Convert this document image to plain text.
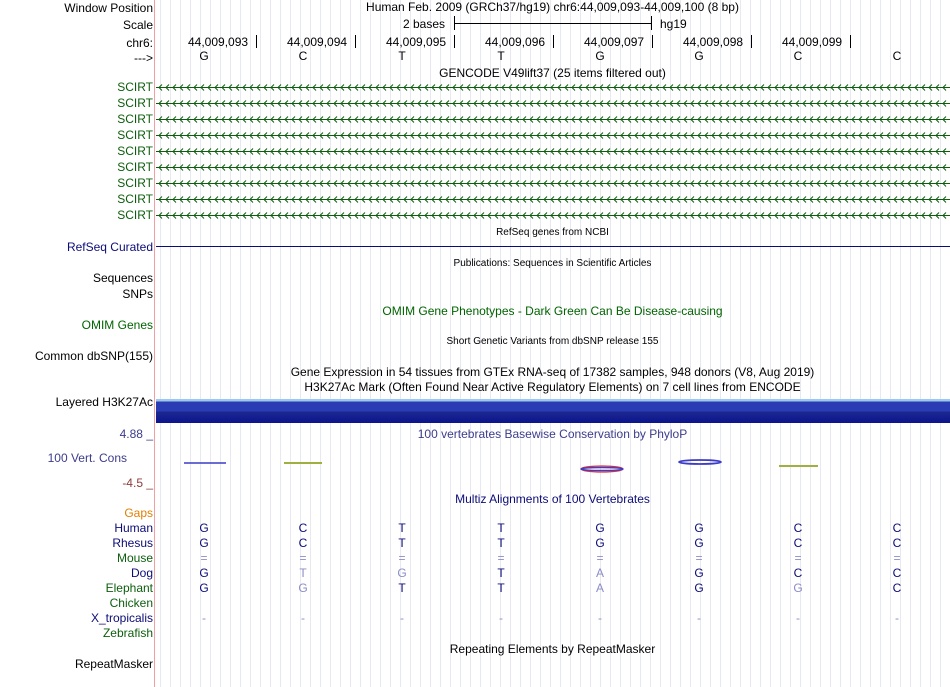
Window Position	Human Feb. 2009 (GRCh37/hg19) chr6:44,009,093-44,009,100 (8 bp)
Scale	2 bases	hg19
chr6:	44,009,093	44,009,094	44,009,095	44,009,096	44,009,097	44,009,098	44,009,099
--->	G	C	T	T	G	G	C	C
GENCODE V49lift37 (25 items filtered out)
SCIRT
SCIRT
SCIRT
SCIRT
SCIRT
SCIRT
SCIRT
SCIRT
SCIRT
RefSeq genes from NCBI
RefSeq Curated
Publications: Sequences in Scientific Articles
Sequences
SNPs
OMIM Gene Phenotypes - Dark Green Can Be Disease-causing
OMIM Genes
Short Genetic Variants from dbSNP release 155
Common dbSNP(155)
Gene Expression in 54 tissues from GTEx RNA-seq of 17382 samples, 948 donors (V8, Aug 2019)
H3K27Ac Mark (Often Found Near Active Regulatory Elements) on 7 cell lines from ENCODE
Layered H3K27Ac
100 vertebrates Basewise Conservation by PhyloP
4.88 _
100 Vert. Cons
-4.5 _
Multiz Alignments of 100 Vertebrates
Gaps
Human	G	C	T	T	G	G	C	C
Rhesus	G	C	T	T	G	G	C	C
Mouse	=	=	=	=	=	=	=	=
Dog	G	T	G	T	A	G	C	C
Elephant	G	G	T	T	A	G	G	C
Chicken
X_tropicalis	-	-	-	-	-	-	-	-
Zebrafish
Repeating Elements by RepeatMasker
RepeatMasker
